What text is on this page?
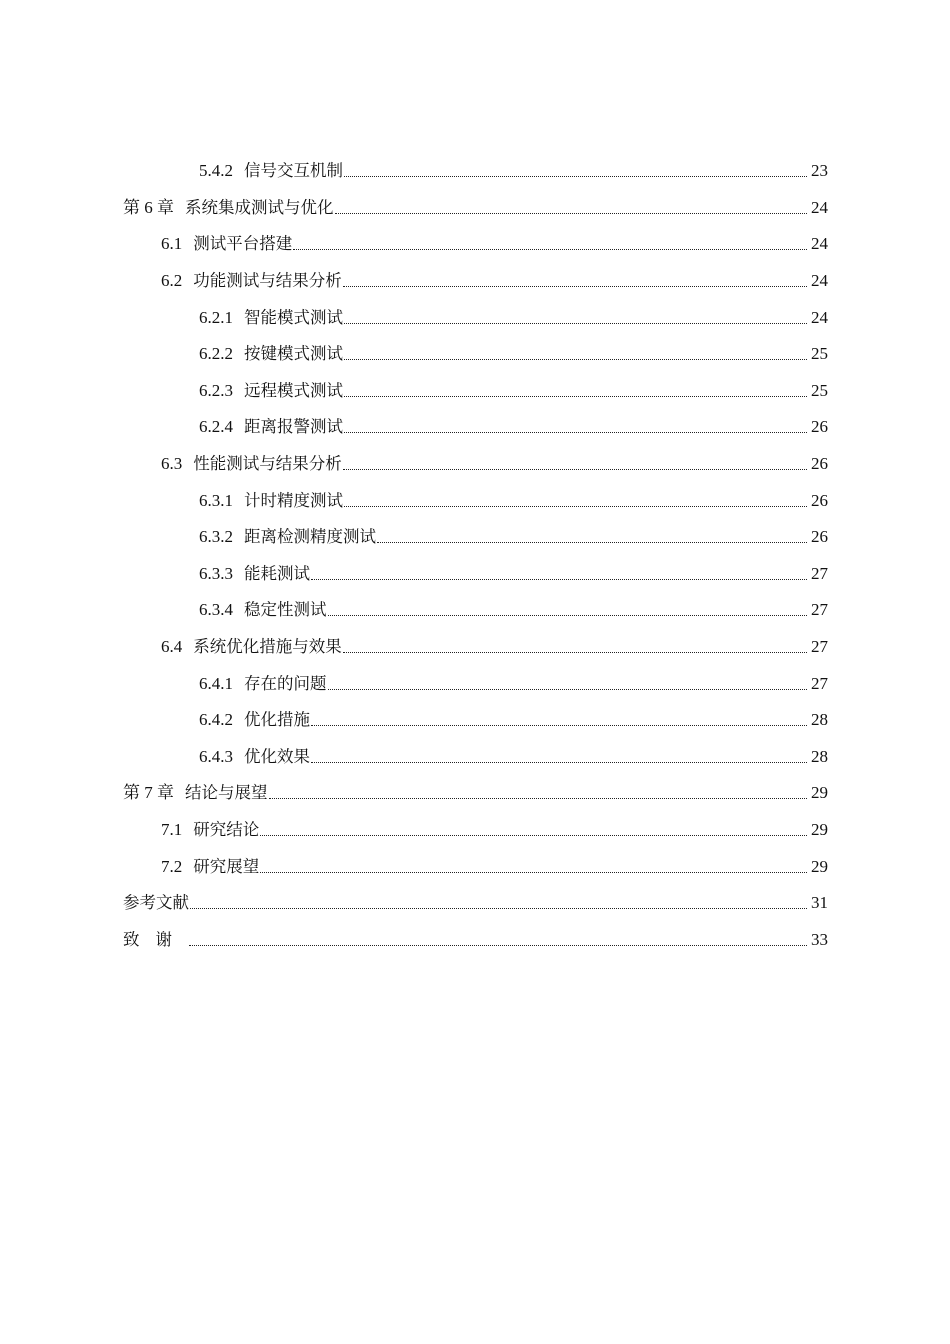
5.4.2 信号交互机制	23
第 6 章 系统集成测试与优化	24
6.1 测试平台搭建	24
6.2 功能测试与结果分析	24
6.2.1 智能模式测试	24
6.2.2 按键模式测试	25
6.2.3 远程模式测试	25
6.2.4 距离报警测试	26
6.3 性能测试与结果分析	26
6.3.1 计时精度测试	26
6.3.2 距离检测精度测试	26
6.3.3 能耗测试	27
6.3.4 稳定性测试	27
6.4 系统优化措施与效果	27
6.4.1 存在的问题	27
6.4.2 优化措施	28
6.4.3 优化效果	28
第 7 章 结论与展望	29
7.1 研究结论	29
7.2 研究展望	29
参考文献	31
致谢	33
